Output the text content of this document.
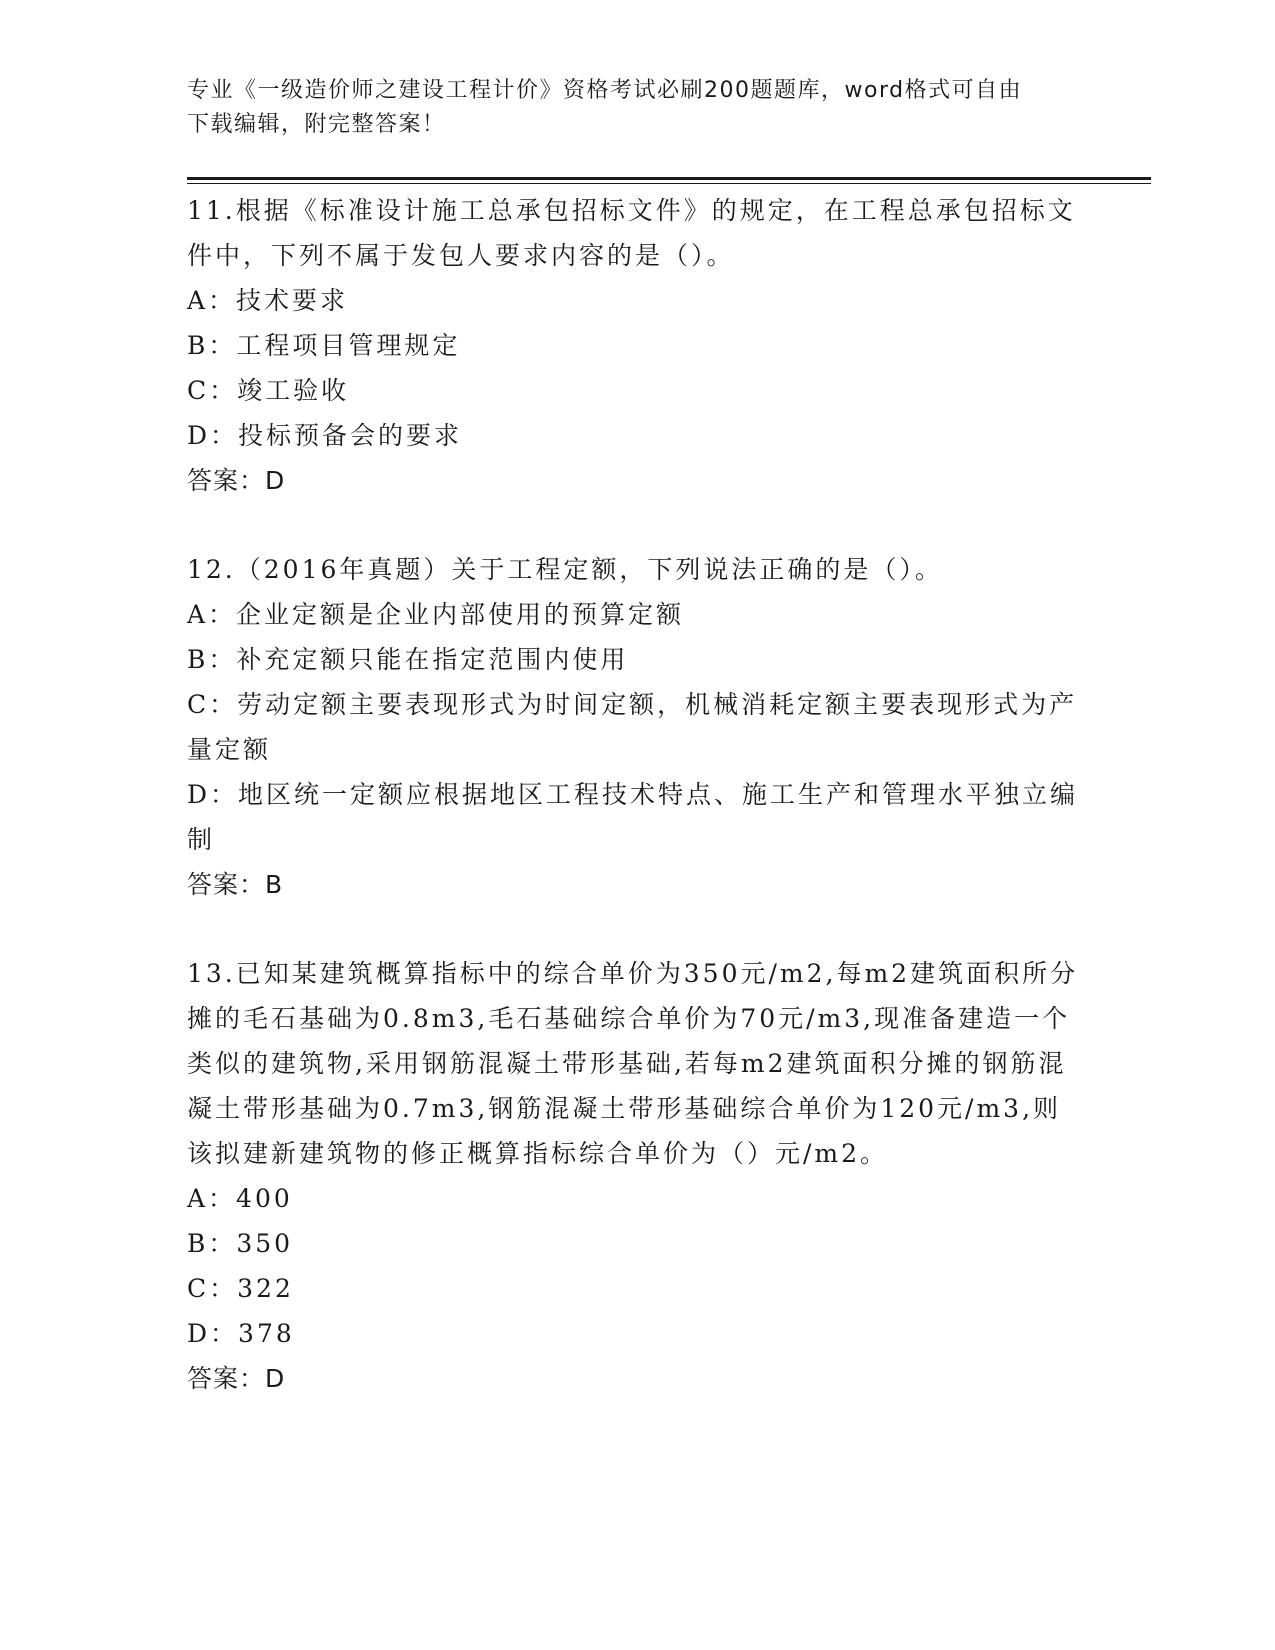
专业《一级造价师之建设工程计价》资格考试必刷200题题库，word格式可自由
下载编辑，附完整答案！

11.根据《标准设计施工总承包招标文件》的规定，在工程总承包招标文件中，下列不属于发包人要求内容的是（）。

A：技术要求

B：工程项目管理规定

C：竣工验收

D：投标预备会的要求

答案：D

12.（2016年真题）关于工程定额，下列说法正确的是（）。

A：企业定额是企业内部使用的预算定额

B：补充定额只能在指定范围内使用

C：劳动定额主要表现形式为时间定额，机械消耗定额主要表现形式为产量定额

D：地区统一定额应根据地区工程技术特点、施工生产和管理水平独立编制

答案：B

13.已知某建筑概算指标中的综合单价为350元/m2,每m2建筑面积所分摊的毛石基础为0.8m3,毛石基础综合单价为70元/m3,现准备建造一个类似的建筑物,采用钢筋混凝土带形基础,若每m2建筑面积分摊的钢筋混凝土带形基础为0.7m3,钢筋混凝土带形基础综合单价为120元/m3,则该拟建新建筑物的修正概算指标综合单价为（）元/m2。

A：400

B：350

C：322

D：378

答案：D
